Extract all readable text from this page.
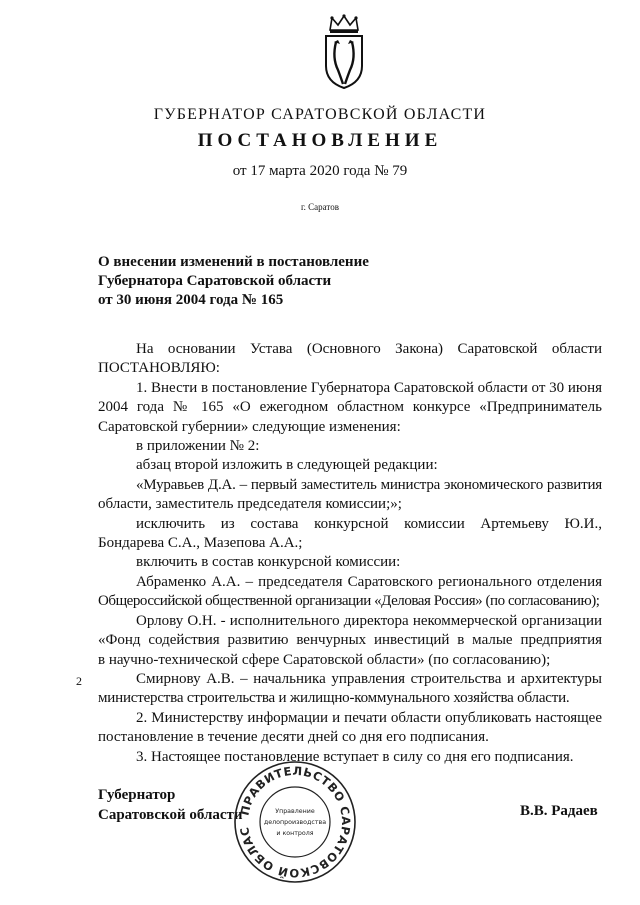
ГУБЕРНАТОР САРАТОВСКОЙ ОБЛАСТИ
ПОСТАНОВЛЕНИЕ
от 17 марта 2020 года № 79
г. Саратов
О внесении изменений в постановление
Губернатора Саратовской области
от 30 июня 2004 года № 165
На основании Устава (Основного Закона) Саратовской области
ПОСТАНОВЛЯЮ:
1. Внести в постановление Губернатора Саратовской области от 30 июня
2004 года № 165 «О ежегодном областном конкурсе «Предприниматель
Саратовской губернии» следующие изменения:
в приложении № 2:
абзац второй изложить в следующей редакции:
«Муравьев Д.А. – первый заместитель министра экономического развития
области, заместитель председателя комиссии;»;
исключить из состава конкурсной комиссии Артемьеву Ю.И.,
Бондарева С.А., Мазепова А.А.;
включить в состав конкурсной комиссии:
Абраменко А.А. – председателя Саратовского регионального отделения
Общероссийской общественной организации «Деловая Россия» (по согласованию);
Орлову О.Н. - исполнительного директора некоммерческой организации
«Фонд содействия развитию венчурных инвестиций в малые предприятия
в научно-технической сфере Саратовской области» (по согласованию);
Смирнову А.В. – начальника управления строительства и архитектуры
министерства строительства и жилищно-коммунального хозяйства области.
2. Министерству информации и печати области опубликовать настоящее
постановление в течение десяти дней со дня его подписания.
3. Настоящее постановление вступает в силу со дня его подписания.
2
Губернатор
Саратовской области	В.В. Радаев
ПРАВИТЕЛЬСТВО САРАТОВСКОЙ ОБЛАС
Управление
делопроизводства
и контроля
